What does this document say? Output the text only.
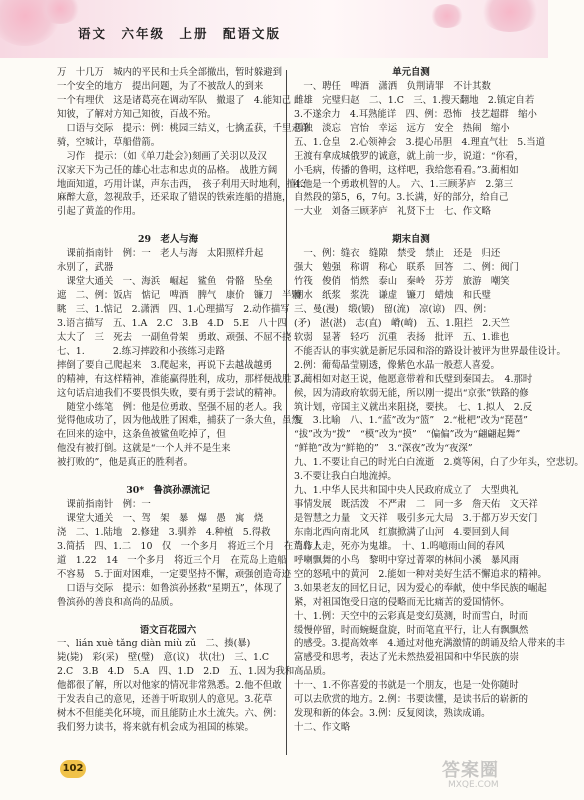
语文　六年级　上册　配语文版
万　十几万　城内的平民和士兵全部撤出，暂时躲避到
一个安全的地方　提出问题，为了不被敌人的到来
一个有埋伏　这是诸葛亮在调动军队　撤退了　4.能知己
知彼，了解对方知己知彼，百战不殆。
　口语与交际　提示：例：桃园三结义，七擒孟获，千里走单
骑，空城计，草船借箭。
　习作　提示：（如《单刀赴会》)刻画了关羽以及汉
汉家天下为己任的雄心壮志和忠贞的品格。　战胜方阔
地面知道，巧用计谋，声东击西，　孩子利用天时地利，擅长
麻醉大意，忽视敌手，还采取了错误的铁索连船的措施，
引起了黄盖的作用。
29　老人与海
　课前指南针　例：一　老人与海　太阳照样升起
永别了，武器
　课堂大通关　一、海浜　崛起　鲨鱼　骨骼　坠垒
遮　二、例：饭店　惦记　啤酒　脾气　康价　镰刀　半颗
眺　三、1.惦记　2.潇洒　四、1.心理描写　2.动作描写
3.语言描写　五、1.A　2.C　3.B　4.D　5.E　八十四
太大了　三　死去　一副鱼骨架　勇敢、顽强、不屈不挠
七、1.　　　2.练习摔跤和小孩练习走路
摔倒了要自己爬起来　3.爬起来，再说下去越战越勇
的精神，有这样精神，准能赢得胜利，成功，那样便战胜了。
这句话启迪我们不要畏惧失败，要有勇于尝试的精神。
　随堂小练笔　例：他是位勇敢、坚强不屈的老人。我
觉得他成功了，因为他战胜了困难，捕获了一条大鱼，虽然
在回来的途中，这条鱼被鲨鱼吃掉了，但
他没有被打倒。这就是“一个人并不是生来
被打败的”，他是真正的胜利者。
30*　鲁滨孙漂流记
　课前指南针　例：一
　课堂大通关　一、驾　架　暴　爆　愚　寓　烧
浇　二、1.陆地　2.修建　3.驯养　4.种植　5.得救
3.简括　四、1.二　10　仅　一个多月　将近三个月　在荒岛上
道　1.22　14　一个多月　将近三个月　在荒岛上造船
不容易　5.于面对困难，一定要坚持不懈，顽强创造奇迹
　口语与交际　提示：如鲁滨孙拯救“星期五”，体现了
鲁滨孙的善良和高尚的品质。
语文百花园六
一、lián xuè tǎng diàn miù zǔ　二、揍(暴)
毙(毙)　彩(采)　壁(璧)　意(议)　状(壮)　三、1.C
2.C　3.B　4.D　5.A　四、1.D　2.D　五、1.因为我和
他都很了解，所以对他家的情况非常熟悉。2.他不但敢
于发表自己的意见，还善于听取别人的意见。3.花草
树木不但能美化环境，而且能防止水土流失。六、例：
我们努力读书，将来就有机会成为祖国的栋梁。
单元自测
　一、聘任　啤酒　潇洒　负荆请罪　不计其数
雌雄　完璧归赵　二、1.C　三、1.搜天翻地　2.镇定自若
3.不遂余力　4.耳熟能详　四、例：恐怖　技艺超群　缩小
孤独　淡忘　宫怡　幸运　远方　安全　热闹　缩小
五、1.仓皇　2.心领神会　3.提心吊胆　4.理直气壮　5.当道
王渡有拿成城俄罗的诚意，就上前一步，说道：“你看，
小毛病，传播的鲁明，这样吧，我给您看看。”3.蔺相如
4.他是一个勇敢机智的人。　六、1.三顾茅庐　2.第三
自然段的第5，6，7句。3.长满，好的部分，给自己
一大业　刘备三顾茅庐　礼贤下士　七、作文略
期末自测
　一、例：缝衣　缝隙　禁受　禁止　还是　归还
强大　勉强　称谓　称心　联系　回答　二、例：阀门
竹筏　俊俏　悄然　泰山　秦岭　芬芳　旅游　嘲笑
潮水　纸浆　浆洗　谦虚　镰刀　蜡烛　和氏璧
三、曼(漫)　缎(锻)　留(流)　凉(谅)　四、例：
(矛)　湛(湛)　志(直)　嵴(崎)　五、1.阻拦　2.天竺
软弱　显著　轻巧　沉重　表扬　批评　五、1.谁也
不能否认的事实就是新尼乐园和浴的路设计被评为世界最佳设计。
2.例：葡萄晶莹剔透，像紫色水晶一般惹人喜爱。
3.蔺相如对赵王说，他愿意带着和氏璧到秦国去。　4.那时
候，因为清政府软弱无能，所以刚一提出“京张”铁路的修
筑计划，帝国主义就出来阻挠，要挟。　七、1.拟人　2.反
复　3.比喻　八、1.“蓝”改为“篮”　2.“枇杷”改为“琵琶”
“拔”改为“拨”　“模”改为“摸”　“偏偏”改为“翩翩起舞”
“鲜艳”改为“鲜艳的”　3.“深夜”改为“夜深”
九、1.不要让自己的时光白白流逝　2.奠等闲，白了少年头，空悲切。
3.不要让我白白地流掉。
九、1.中华人民共和国中央人民政府成立了　大型典礼
事情发展　既活泼　不严肃　二　同一多　詹天佑　文天祥
是智慧之力量　文天祥　吸引多元大局　3.于都万岁天安门
东南北西向南北风　红旗掀满了山河　4.要回到人间
当作人走，死亦为鬼雄。　十、1.呜噫雨山间的春风
呼喇飘舞的小鸟　黎明中穿过菁翠的林间小溪　暴风雨
空的怒吼中的黄河　2.能如一种对美好生活不懈追求的精神。
3.如果老友的回忆日记，因为爱心的奉献，使中华民族的崛起
紧，对祖国饱受日寇的侵略而无比痛苦的爱国情怀。
十、1.例：天空中的云彩真是变幻莫测，时而雪白，时而
缓慢停留，时而蜿蜒盘旋，时而笔直平行，让人有飘飘然
的感受。3.提高效率　4.通过对他充满激情的朗诵及给人带来的丰
富感受和思考，表达了光未然热爱祖国和中华民族的崇
高品质。
十一、1.不你喜爱的书就是一个朋友，也是一处你随时
可以去欣赏的地方。2.例：书要读懂，是读书后的崭新的
发现和新的体会。3.例：反复阅读，熟读成诵。
十二、作文略
102	答案圈
MXQE.COM
